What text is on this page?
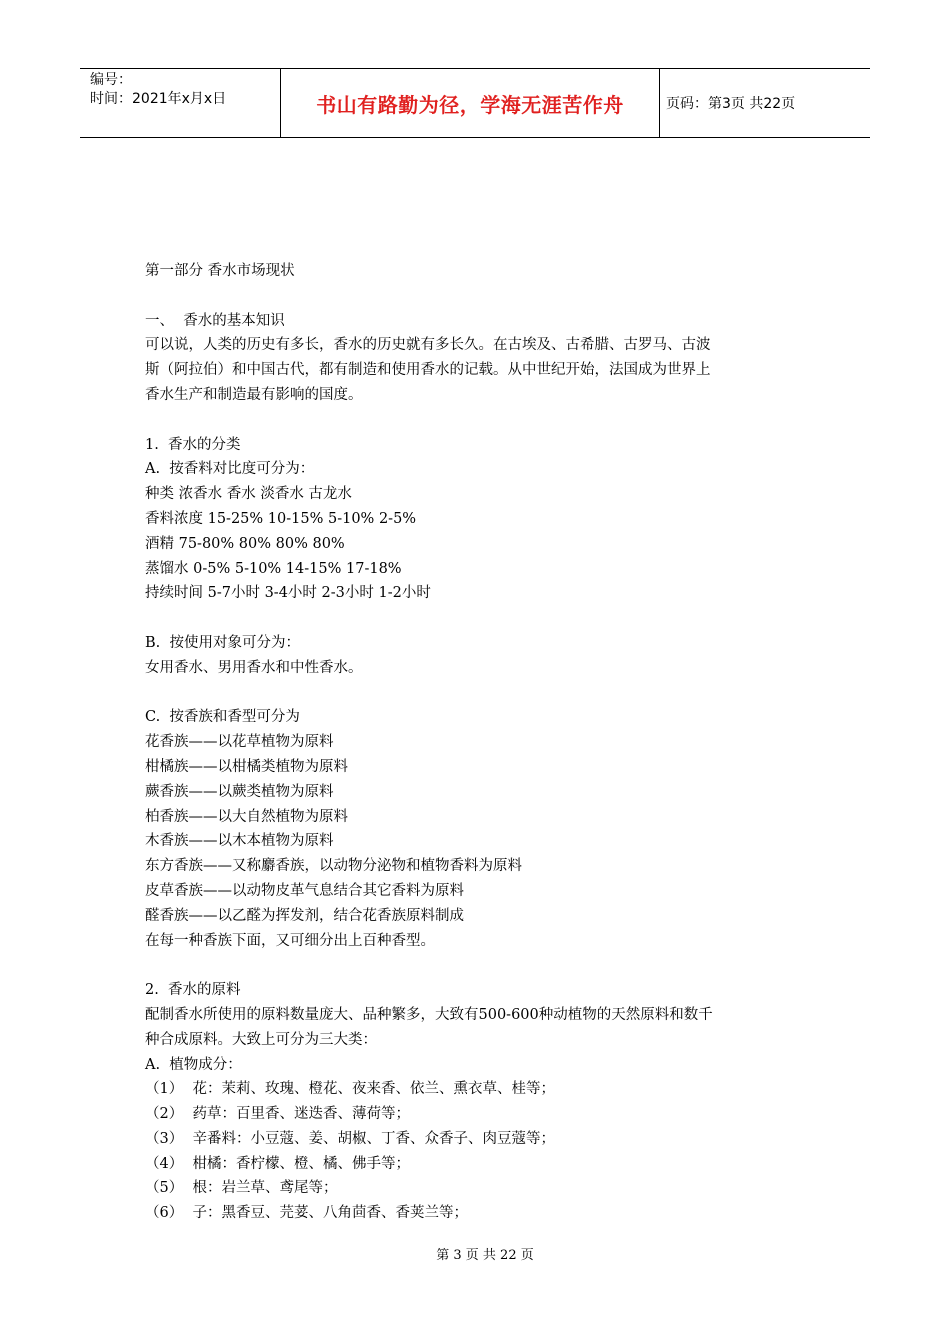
编号：
时间：2021年x月x日	书山有路勤为径，学海无涯苦作舟	页码：第3页 共22页
第一部分 香水市场现状
一、  香水的基本知识
可以说，人类的历史有多长，香水的历史就有多长久。在古埃及、古希腊、古罗马、古波
斯（阿拉伯）和中国古代，都有制造和使用香水的记载。从中世纪开始，法国成为世界上
香水生产和制造最有影响的国度。
1.  香水的分类
A.  按香料对比度可分为：
种类 浓香水 香水 淡香水 古龙水
香料浓度 15-25% 10-15% 5-10% 2-5%
酒精 75-80% 80% 80% 80%
蒸馏水 0-5% 5-10% 14-15% 17-18%
持续时间 5-7小时 3-4小时 2-3小时 1-2小时
B.  按使用对象可分为：
女用香水、男用香水和中性香水。
C.  按香族和香型可分为
花香族——以花草植物为原料
柑橘族——以柑橘类植物为原料
蕨香族——以蕨类植物为原料
柏香族——以大自然植物为原料
木香族——以木本植物为原料
东方香族——又称麝香族，以动物分泌物和植物香料为原料
皮草香族——以动物皮革气息结合其它香料为原料
醛香族——以乙醛为挥发剂，结合花香族原料制成
在每一种香族下面，又可细分出上百种香型。
2.  香水的原料
配制香水所使用的原料数量庞大、品种繁多，大致有500-600种动植物的天然原料和数千
种合成原料。大致上可分为三大类：
A.  植物成分：
（1）  花：茉莉、玫瑰、橙花、夜来香、依兰、熏衣草、桂等；
（2）  药草：百里香、迷迭香、薄荷等；
（3）  辛番料：小豆蔻、姜、胡椒、丁香、众香子、肉豆蔻等；
（4）  柑橘：香柠檬、橙、橘、佛手等；
（5）  根：岩兰草、鸢尾等；
（6）  子：黑香豆、芫荽、八角茴香、香荚兰等；
第 3 页 共 22 页
